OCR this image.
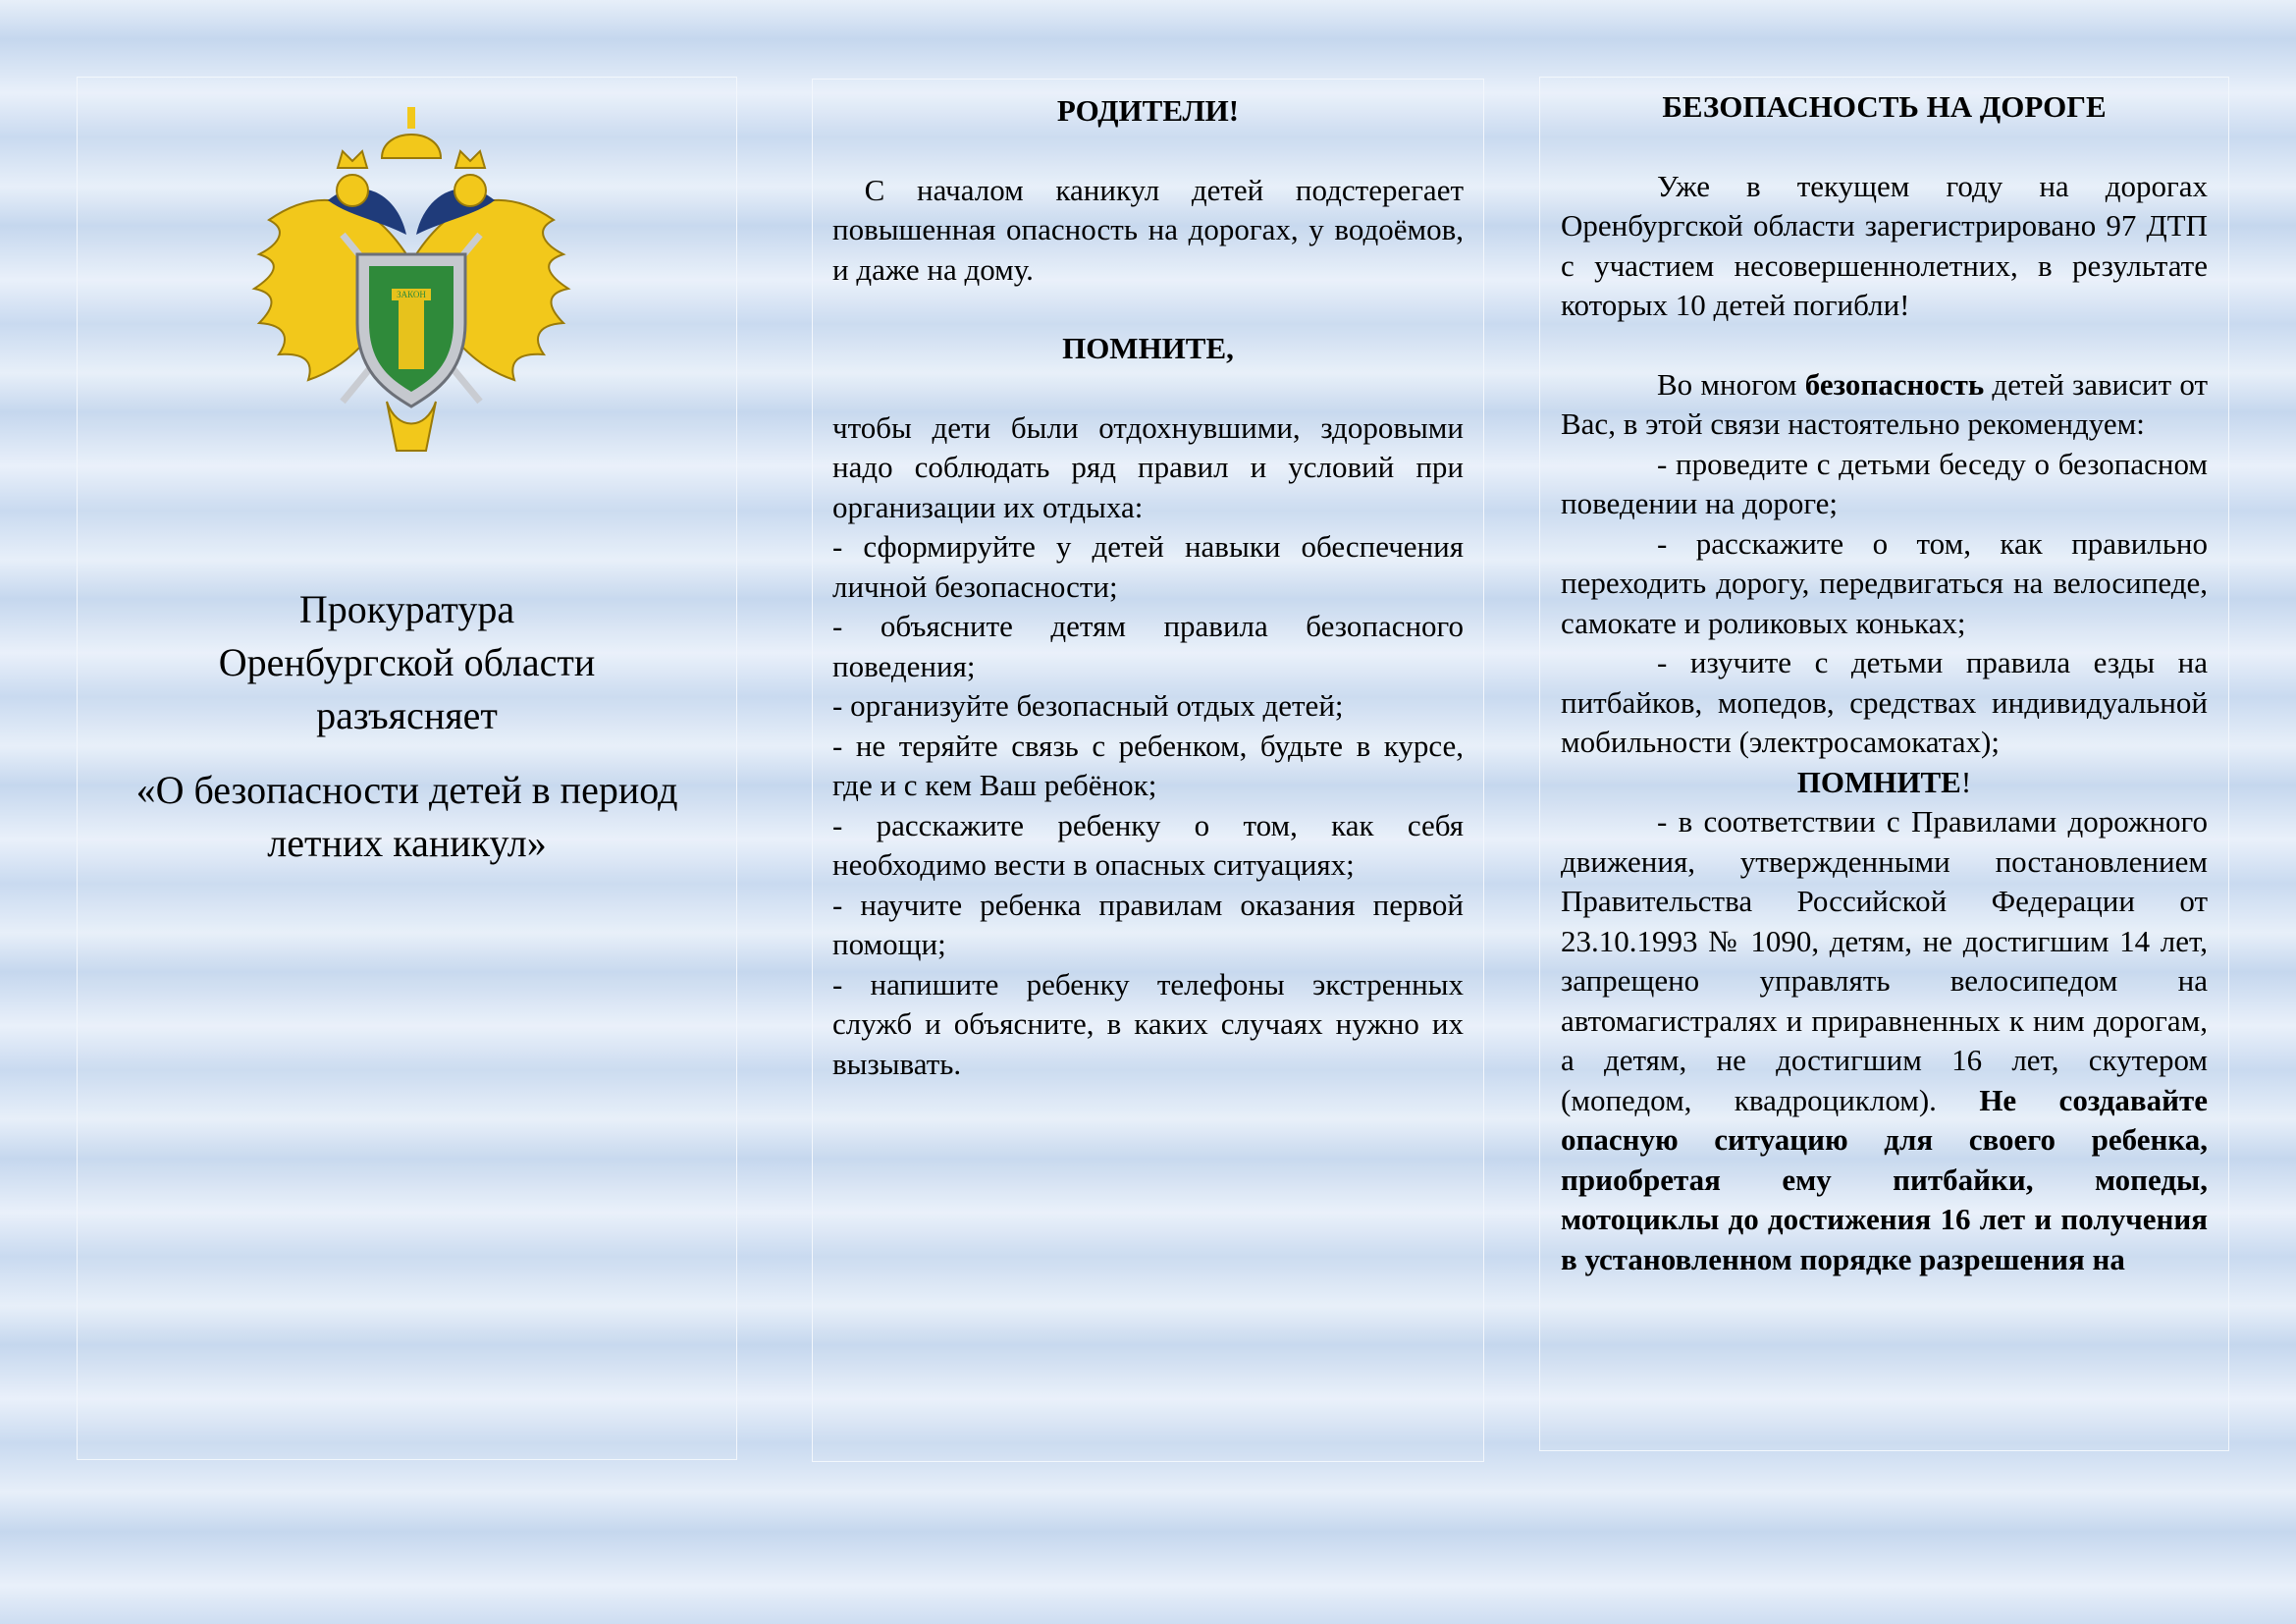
ЗАКОН
Прокуратура Оренбургской области разъясняет
«О безопасности детей в период летних каникул»
РОДИТЕЛИ!

С началом каникул детей подстерегает повышенная опасность на дорогах, у водоёмов, и даже на дому.

ПОМНИТЕ,

чтобы дети были отдохнувшими, здоровыми надо соблюдать ряд правил и условий при организации их отдыха:

- сформируйте у детей навыки обеспечения личной безопасности;

- объясните детям правила безопасного поведения;

- организуйте безопасный отдых детей;

- не теряйте связь с ребенком, будьте в курсе, где и с кем Ваш ребёнок;

- расскажите ребенку о том, как себя необходимо вести в опасных ситуациях;

- научите ребенка правилам оказания первой помощи;

- напишите ребенку телефоны экстренных служб и объясните, в каких случаях нужно их вызывать.

БЕЗОПАСНОСТЬ НА ДОРОГЕ

Уже в текущем году на дорогах Оренбургской области зарегистрировано 97 ДТП с участием несовершеннолетних, в результате которых 10 детей погибли!

Во многом безопасность детей зависит от Вас, в этой связи настоятельно рекомендуем:

- проведите с детьми беседу о безопасном поведении на дороге;

- расскажите о том, как правильно переходить дорогу, передвигаться на велосипеде, самокате и роликовых коньках;

- изучите с детьми правила езды на питбайков, мопедов, средствах индивидуальной мобильности (электросамокатах);

ПОМНИТЕ!

- в соответствии с Правилами дорожного движения, утвержденными постановлением Правительства Российской Федерации от 23.10.1993 № 1090, детям, не достигшим 14 лет, запрещено управлять велосипедом на автомагистралях и приравненных к ним дорогам, а детям, не достигшим 16 лет, скутером (мопедом, квадроциклом). Не создавайте опасную ситуацию для своего ребенка, приобретая ему питбайки, мопеды, мотоциклы до достижения 16 лет и получения в установленном порядке разрешения на
